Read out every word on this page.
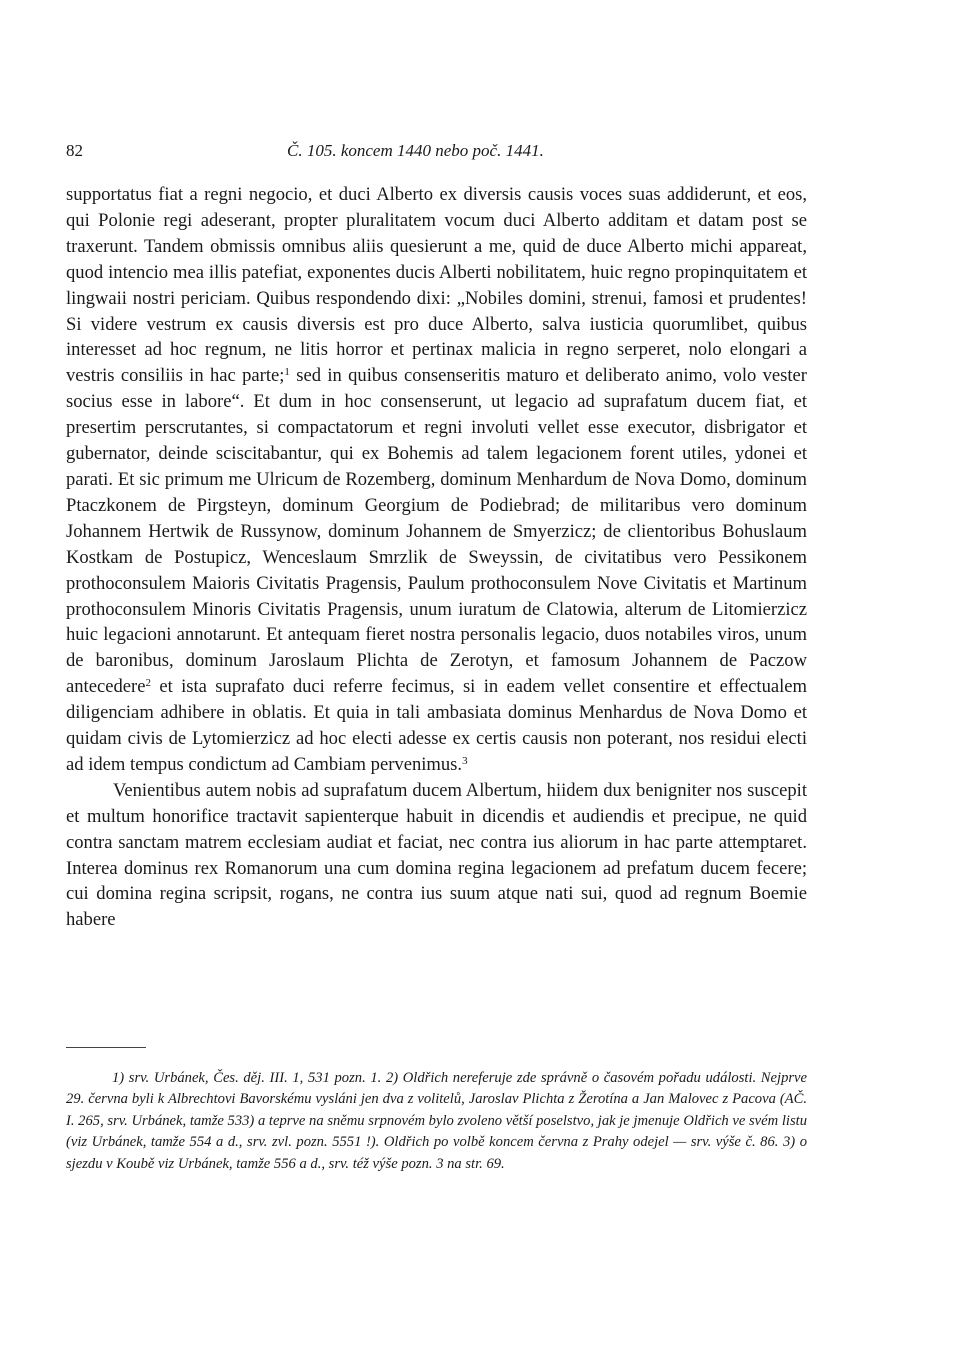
82	Č. 105. koncem 1440 nebo poč. 1441.

supportatus fiat a regni negocio, et duci Alberto ex diversis causis voces suas addiderunt, et eos, qui Polonie regi adeserant, propter pluralitatem vocum duci Alberto additam et datam post se traxerunt. Tandem obmissis omnibus aliis quesierunt a me, quid de duce Alberto michi appareat, quod intencio mea illis patefiat, exponentes ducis Alberti nobilitatem, huic regno propinquitatem et lingwaii nostri periciam. Quibus respondendo dixi: „Nobiles domini, strenui, famosi et prudentes! Si videre vestrum ex causis diversis est pro duce Alberto, salva iusticia quorumlibet, quibus interesset ad hoc regnum, ne litis horror et pertinax malicia in regno serperet, nolo elongari a vestris consiliis in hac parte;$^1$ sed in quibus consenseritis maturo et deliberato animo, volo vester socius esse in labore“. Et dum in hoc consenserunt, ut legacio ad suprafatum ducem fiat, et presertim perscrutantes, si compactatorum et regni involuti vellet esse executor, disbrigator et gubernator, deinde sciscitabantur, qui ex Bohemis ad talem legacionem forent utiles, ydonei et parati. Et sic primum me Ulricum de Rozemberg, dominum Menhardum de Nova Domo, dominum Ptaczkonem de Pirgsteyn, dominum Georgium de Podiebrad; de militaribus vero dominum Johannem Hertwik de Russynow, dominum Johannem de Smyerzicz; de clientoribus Bohuslaum Kostkam de Postupicz, Wenceslaum Smrzlik de Sweyssin, de civitatibus vero Pessikonem prothoconsulem Maioris Civitatis Pragensis, Paulum prothoconsulem Nove Civitatis et Martinum prothoconsulem Minoris Civitatis Pragensis, unum iuratum de Clatowia, alterum de Litomierzicz huic legacioni annotarunt. Et antequam fieret nostra personalis legacio, duos notabiles viros, unum de baronibus, dominum Jaroslaum Plichta de Zerotyn, et famosum Johannem de Paczow antecedere$^2$ et ista suprafato duci referre fecimus, si in eadem vellet consentire et effectualem diligenciam adhibere in oblatis. Et quia in tali ambasiata dominus Menhardus de Nova Domo et quidam civis de Lytomierzicz ad hoc electi adesse ex certis causis non poterant, nos residui electi ad idem tempus condictum ad Cambiam pervenimus.$^3$

Venientibus autem nobis ad suprafatum ducem Albertum, hiidem dux benigniter nos suscepit et multum honorifice tractavit sapienterque habuit in dicendis et audiendis et precipue, ne quid contra sanctam matrem ecclesiam audiat et faciat, nec contra ius aliorum in hac parte attemptaret. Interea dominus rex Romanorum una cum domina regina legacionem ad prefatum ducem fecere; cui domina regina scripsit, rogans, ne contra ius suum atque nati sui, quod ad regnum Boemie habere

1) srv. Urbánek, Čes. děj. III. 1, 531 pozn. 1. 2) Oldřich nereferuje zde správně o časovém pořadu události. Nejprve 29. června byli k Albrechtovi Bavorskému vysláni jen dva z volitelů, Jaroslav Plichta z Žerotína a Jan Malovec z Pacova (AČ. I. 265, srv. Urbánek, tamže 533) a teprve na sněmu srpnovém bylo zvoleno větší poselstvo, jak je jmenuje Oldřich ve svém listu (viz Urbánek, tamže 554 a d., srv. zvl. pozn. 5551 !). Oldřich po volbě koncem června z Prahy odejel — srv. výše č. 86. 3) o sjezdu v Koubě viz Urbánek, tamže 556 a d., srv. též výše pozn. 3 na str. 69.
